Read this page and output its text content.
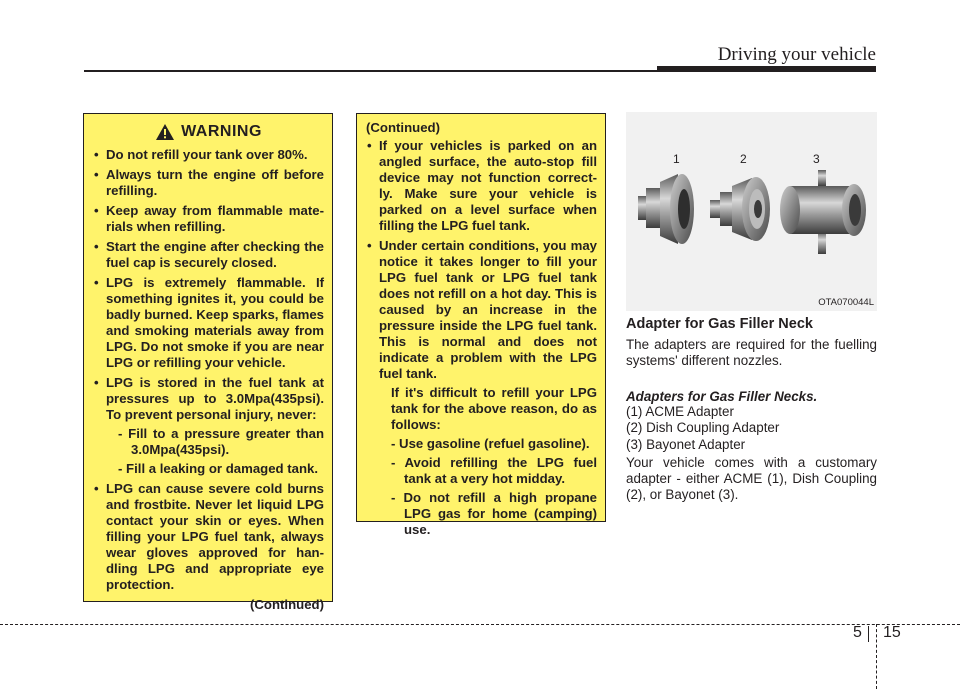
Driving your vehicle
WARNING
• Do not refill your tank over 80%.
• Always turn the engine off before refilling.
• Keep away from flammable mate- rials when refilling.
• Start the engine after checking the fuel cap is securely closed.
• LPG is extremely flammable. If something ignites it, you could be badly burned. Keep sparks, flames and smoking materials away from LPG. Do not smoke if you are near LPG or refilling your vehicle.
• LPG is stored in the fuel tank at pressures up to 3.0Mpa(435psi). To prevent personal injury, never:
- Fill to a pressure greater than 3.0Mpa(435psi).
- Fill a leaking or damaged tank.
• LPG can cause severe cold burns and frostbite. Never let liquid LPG contact your skin or eyes. When filling your LPG fuel tank, always wear gloves approved for han- dling LPG and appropriate eye protection.
(Continued)
(Continued)
• If your vehicles is parked on an angled surface, the auto-stop fill device may not function correct- ly. Make sure your vehicle is parked on a level surface when filling the LPG fuel tank.
• Under certain conditions, you may notice it takes longer to fill your LPG fuel tank or LPG fuel tank does not refill on a hot day. This is caused by an increase in the pressure inside the LPG fuel tank. This is normal and does not indicate a problem with the LPG fuel tank.
If it's difficult to refill your LPG tank for the above reason, do as follows:
- Use gasoline (refuel gasoline).
- Avoid refilling the LPG fuel tank at a very hot midday.
- Do not refill a high propane LPG gas for home (camping) use.
1	2	3
OTA070044L
Adapter for Gas Filler Neck
The adapters are required for the fuelling systems' different nozzles.
Adapters for Gas Filler Necks.
(1) ACME Adapter
(2) Dish Coupling Adapter
(3) Bayonet Adapter
Your vehicle comes with a customary adapter - either ACME (1), Dish Coupling (2), or Bayonet (3).
5 15
